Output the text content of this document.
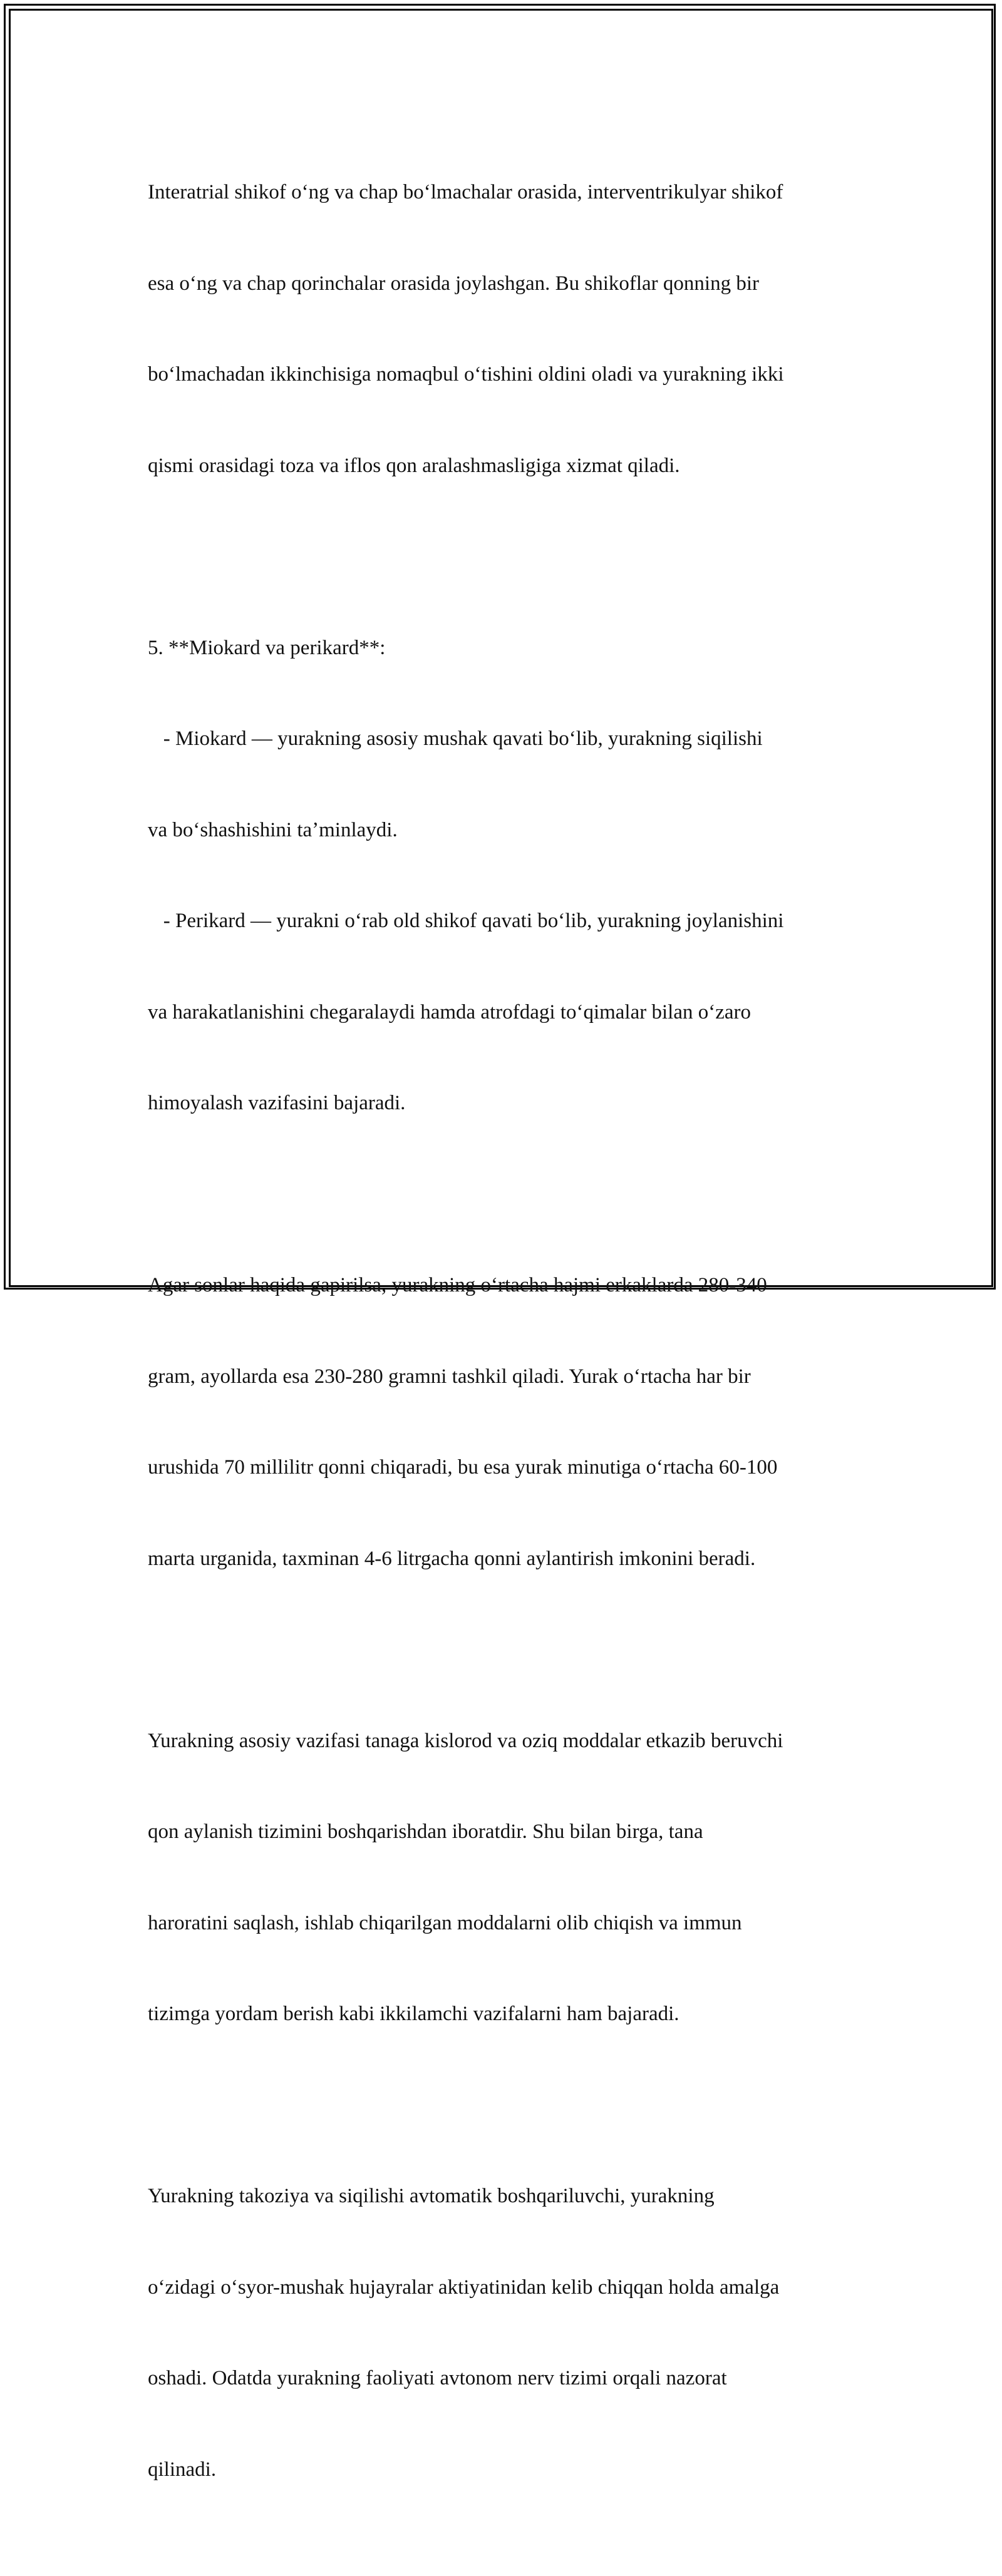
Interatrial shikof oʻng va chap boʻlmachalar orasida, interventrikulyar shikof

esa oʻng va chap qorinchalar orasida joylashgan. Bu shikoflar qonning bir

boʻlmachadan ikkinchisiga nomaqbul oʻtishini oldini oladi va yurakning ikki

qismi orasidagi toza va iflos qon aralashmasligiga xizmat qiladi.

5. **Miokard va perikard**:

- Miokard — yurakning asosiy mushak qavati boʻlib, yurakning siqilishi

va boʻshashishini taʼminlaydi.

- Perikard — yurakni oʻrab old shikof qavati boʻlib, yurakning joylanishini

va harakatlanishini chegaralaydi hamda atrofdagi toʻqimalar bilan oʻzaro

himoyalash vazifasini bajaradi.

Agar sonlar haqida gapirilsa, yurakning oʻrtacha hajmi erkaklarda 280-340

gram, ayollarda esa 230-280 gramni tashkil qiladi. Yurak oʻrtacha har bir

urushida 70 millilitr qonni chiqaradi, bu esa yurak minutiga oʻrtacha 60-100

marta urganida, taxminan 4-6 litrgacha qonni aylantirish imkonini beradi.

Yurakning asosiy vazifasi tanaga kislorod va oziq moddalar etkazib beruvchi

qon aylanish tizimini boshqarishdan iboratdir. Shu bilan birga, tana

haroratini saqlash, ishlab chiqarilgan moddalarni olib chiqish va immun

tizimga yordam berish kabi ikkilamchi vazifalarni ham bajaradi.

Yurakning takoziya va siqilishi avtomatik boshqariluvchi, yurakning

oʻzidagi oʻsyor-mushak hujayralar aktiyatinidan kelib chiqqan holda amalga

oshadi. Odatda yurakning faoliyati avtonom nerv tizimi orqali nazorat

qilinadi.
